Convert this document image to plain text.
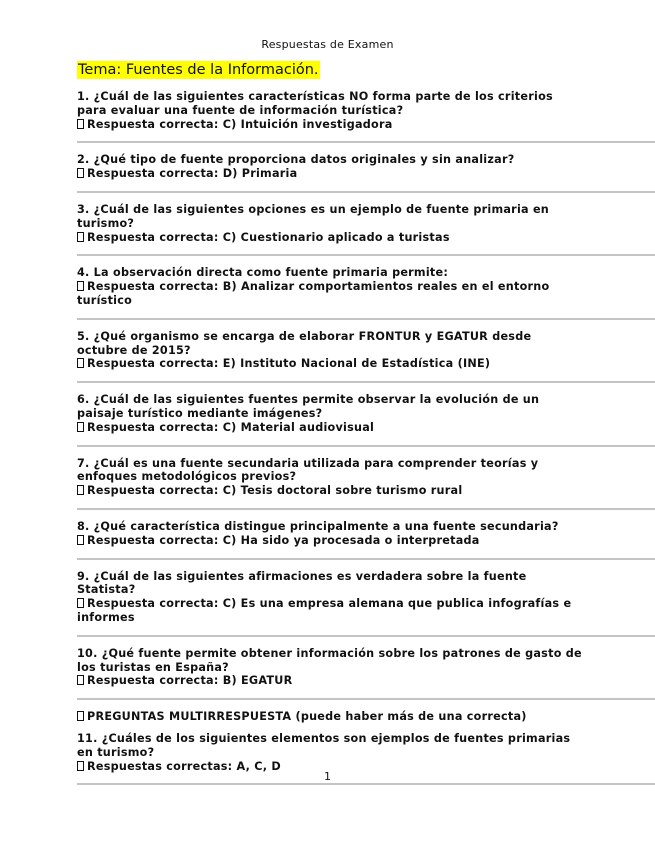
Respuestas de Examen
Tema: Fuentes de la Información.
1. ¿Cuál de las siguientes características NO forma parte de los criterios para evaluar una fuente de información turística?
Respuesta correcta: C) Intuición investigadora
2. ¿Qué tipo de fuente proporciona datos originales y sin analizar?
Respuesta correcta: D) Primaria
3. ¿Cuál de las siguientes opciones es un ejemplo de fuente primaria en turismo?
Respuesta correcta: C) Cuestionario aplicado a turistas
4. La observación directa como fuente primaria permite:
Respuesta correcta: B) Analizar comportamientos reales en el entorno turístico
5. ¿Qué organismo se encarga de elaborar FRONTUR y EGATUR desde octubre de 2015?
Respuesta correcta: E) Instituto Nacional de Estadística (INE)
6. ¿Cuál de las siguientes fuentes permite observar la evolución de un paisaje turístico mediante imágenes?
Respuesta correcta: C) Material audiovisual
7. ¿Cuál es una fuente secundaria utilizada para comprender teorías y enfoques metodológicos previos?
Respuesta correcta: C) Tesis doctoral sobre turismo rural
8. ¿Qué característica distingue principalmente a una fuente secundaria?
Respuesta correcta: C) Ha sido ya procesada o interpretada
9. ¿Cuál de las siguientes afirmaciones es verdadera sobre la fuente Statista?
Respuesta correcta: C) Es una empresa alemana que publica infografías e informes
10. ¿Qué fuente permite obtener información sobre los patrones de gasto de los turistas en España?
Respuesta correcta: B) EGATUR
PREGUNTAS MULTIRRESPUESTA (puede haber más de una correcta)
11. ¿Cuáles de los siguientes elementos son ejemplos de fuentes primarias en turismo?
Respuestas correctas: A, C, D
1
